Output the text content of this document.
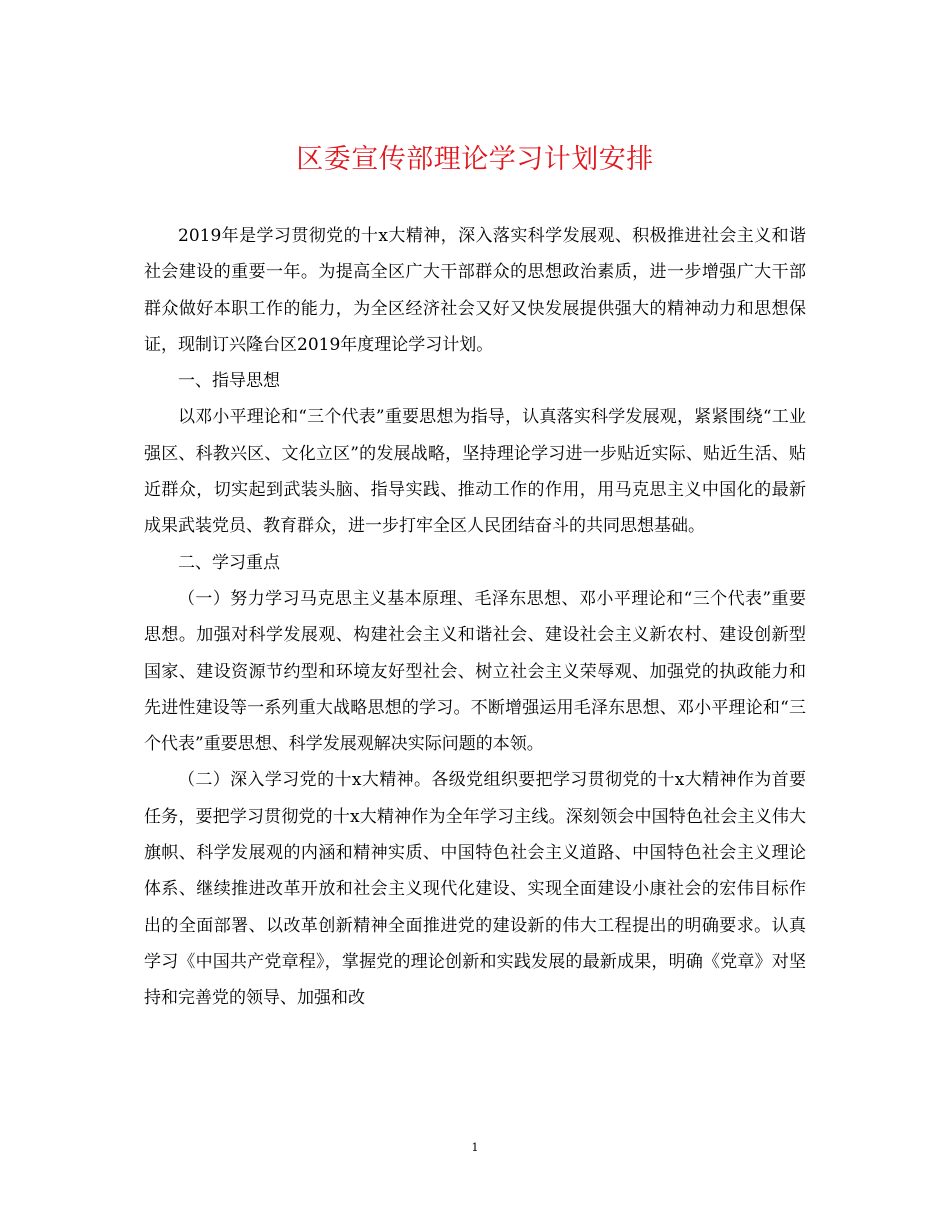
区委宣传部理论学习计划安排

2019年是学习贯彻党的十x大精神，深入落实科学发展观、积极推进社会主义和谐社会建设的重要一年。为提高全区广大干部群众的思想政治素质，进一步增强广大干部群众做好本职工作的能力，为全区经济社会又好又快发展提供强大的精神动力和思想保证，现制订兴隆台区2019年度理论学习计划。

一、指导思想

以邓小平理论和“三个代表”重要思想为指导，认真落实科学发展观，紧紧围绕“工业强区、科教兴区、文化立区”的发展战略，坚持理论学习进一步贴近实际、贴近生活、贴近群众，切实起到武装头脑、指导实践、推动工作的作用，用马克思主义中国化的最新成果武装党员、教育群众，进一步打牢全区人民团结奋斗的共同思想基础。

二、学习重点

（一）努力学习马克思主义基本原理、毛泽东思想、邓小平理论和“三个代表”重要思想。加强对科学发展观、构建社会主义和谐社会、建设社会主义新农村、建设创新型国家、建设资源节约型和环境友好型社会、树立社会主义荣辱观、加强党的执政能力和先进性建设等一系列重大战略思想的学习。不断增强运用毛泽东思想、邓小平理论和“三个代表”重要思想、科学发展观解决实际问题的本领。

（二）深入学习党的十x大精神。各级党组织要把学习贯彻党的十x大精神作为首要任务，要把学习贯彻党的十x大精神作为全年学习主线。深刻领会中国特色社会主义伟大旗帜、科学发展观的内涵和精神实质、中国特色社会主义道路、中国特色社会主义理论体系、继续推进改革开放和社会主义现代化建设、实现全面建设小康社会的宏伟目标作出的全面部署、以改革创新精神全面推进党的建设新的伟大工程提出的明确要求。认真学习《中国共产党章程》，掌握党的理论创新和实践发展的最新成果，明确《党章》对坚持和完善党的领导、加强和改

1
